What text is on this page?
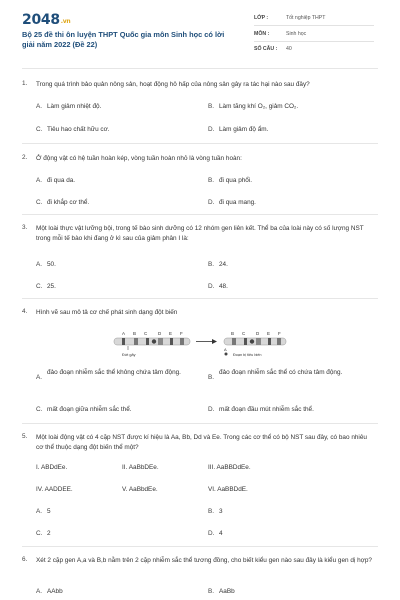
2048.vn
Bộ 25 đề thi ôn luyện THPT Quốc gia môn Sinh học có lời giải năm 2022 (Đề 22)
LỚP :	Tốt nghiệp THPT
MÔN :	Sinh học
SỐ CÂU : 40
1. Trong quá trình bảo quản nông sản, hoạt động hô hấp của nông sản gây ra tác hại nào sau đây?
A. Làm giảm nhiệt độ.	B. Làm tăng khí O₂, giảm CO₂.
C. Tiêu hao chất hữu cơ.	D. Làm giảm độ ẩm.
2. Ở động vật có hệ tuần hoàn kép, vòng tuần hoàn nhỏ là vòng tuần hoàn:
A. đi qua da.	B. đi qua phổi.
C. đi khắp cơ thể.	D. đi qua mang.
3. Một loài thực vật lưỡng bội, trong tế bào sinh dưỡng có 12 nhóm gen liên kết. Thể ba của loài này có số lượng NST trong mỗi tế bào khi đang ở kì sau của giảm phân I là:
A. 50.	B. 24.
C. 25.	D. 48.
4. Hình vẽ sau mô tả cơ chế phát sinh dạng đột biến
A B C D E F
Đứt gãy
B C D E F
A
Đoạn bị tiêu biến
A.
đảo đoạn nhiễm sắc thể không chứa tâm động.
B.
đảo đoạn nhiễm sắc thể có chứa tâm động.
C. mất đoạn giữa nhiễm sắc thể.	D. mất đoạn đầu mút nhiễm sắc thể.
5. Một loài động vật có 4 cặp NST được kí hiệu là Aa, Bb, Dd và Ee. Trong các cơ thể có bộ NST sau đây, có bao nhiêu cơ thể thuộc dạng đột biến thể một?
I. ABDdEe.	II. AaBbDEe.	III. AaBBDdEe.
IV. AADDEE.	V. AaBbdEe.	VI. AaBBDdE.
A. 5	B. 3
C. 2	D. 4
6. Xét 2 cặp gen A,a và B,b nằm trên 2 cặp nhiễm sắc thể tương đồng, cho biết kiểu gen nào sau đây là kiểu gen dị hợp?
A. AAbb	B. AaBb
